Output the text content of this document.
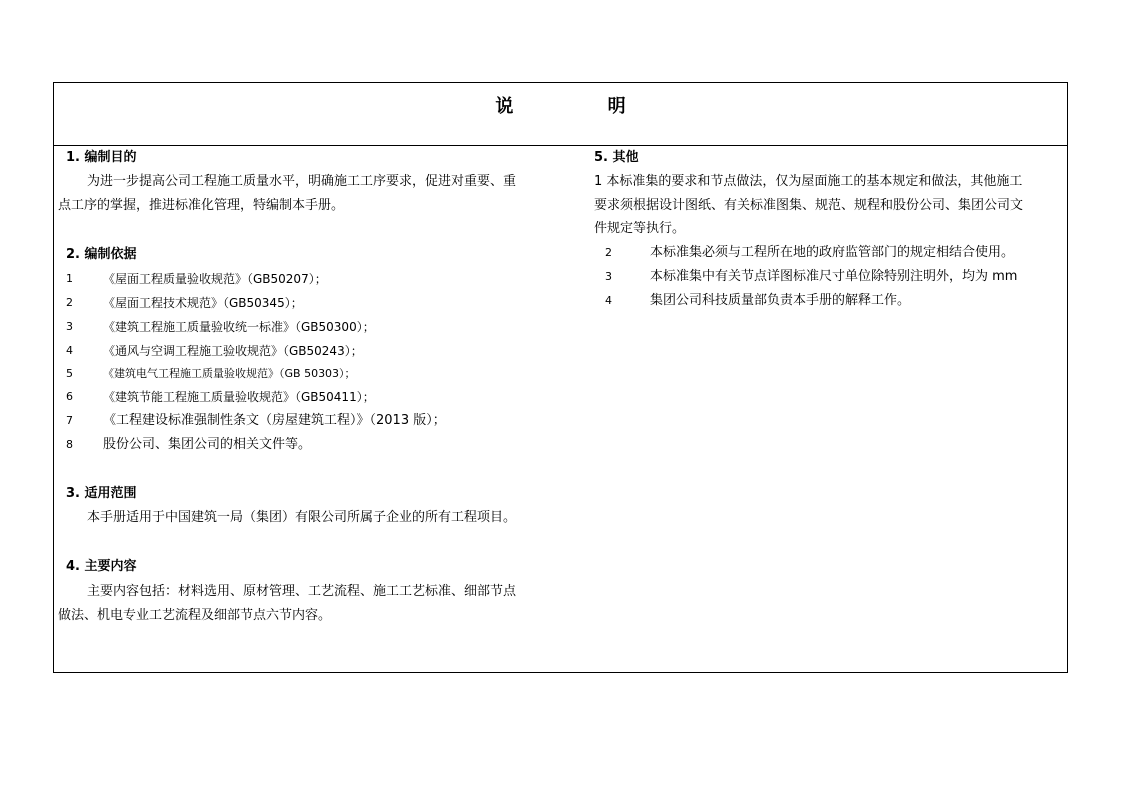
说 明
1. 编制目的
为进一步提高公司工程施工质量水平，明确施工工序要求，促进对重要、重
点工序的掌握，推进标准化管理，特编制本手册。
2. 编制依据
1	《屋面工程质量验收规范》（GB50207）；
2	《屋面工程技术规范》（GB50345）；
3	《建筑工程施工质量验收统一标准》（GB50300）；
4	《通风与空调工程施工验收规范》（GB50243）；
5	《建筑电气工程施工质量验收规范》（GB 50303）；
6	《建筑节能工程施工质量验收规范》（GB50411）；
7 《工程建设标准强制性条文（房屋建筑工程）》（2013 版）；
8 股份公司、集团公司的相关文件等。
3. 适用范围
本手册适用于中国建筑一局（集团）有限公司所属子企业的所有工程项目。
4. 主要内容
主要内容包括：材料选用、原材管理、工艺流程、施工工艺标准、细部节点
做法、机电专业工艺流程及细部节点六节内容。
5. 其他
1 本标准集的要求和节点做法，仅为屋面施工的基本规定和做法，其他施工
要求须根据设计图纸、有关标准图集、规范、规程和股份公司、集团公司文
件规定等执行。
2	本标准集必须与工程所在地的政府监管部门的规定相结合使用。
3	本标准集中有关节点详图标准尺寸单位除特别注明外，均为 mm
4	集团公司科技质量部负责本手册的解释工作。
